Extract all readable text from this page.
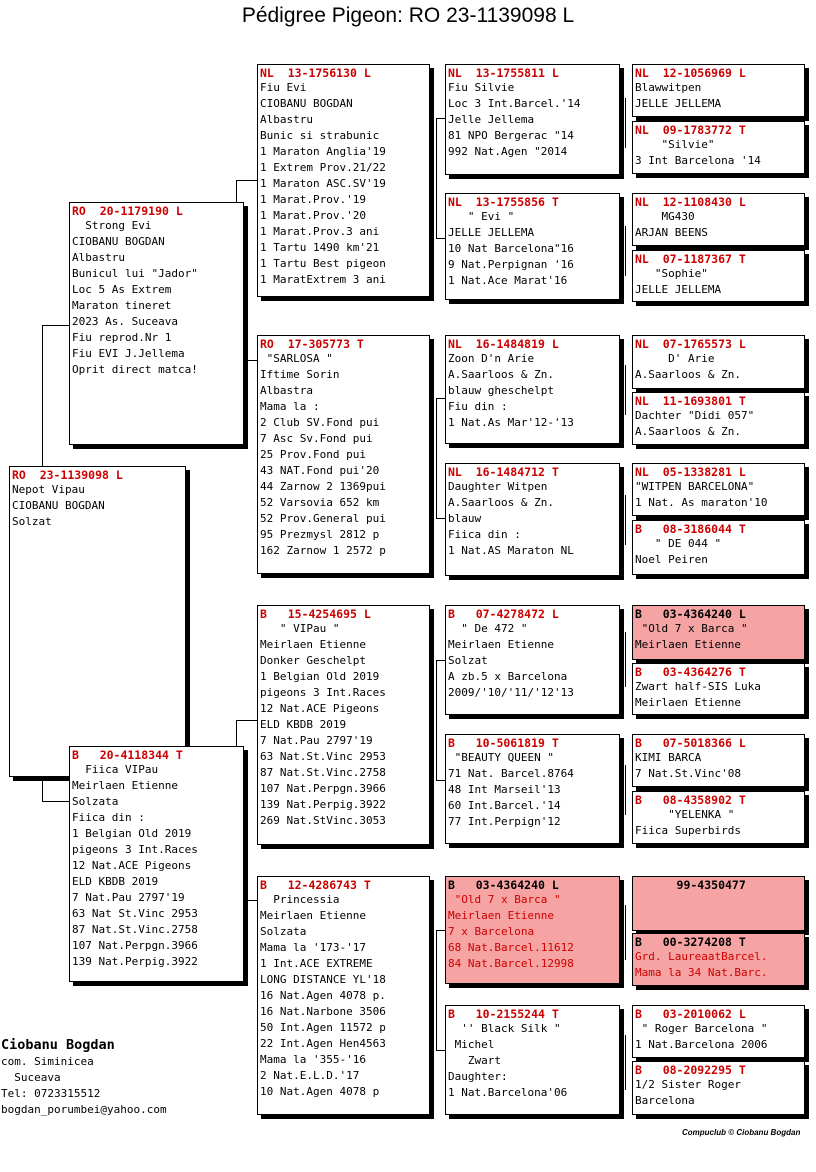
Pédigree Pigeon: RO 23-1139098 L
RO  23-1139098 L
Nepot Vipau
CIOBANU BOGDAN
Solzat
RO  20-1179190 L
Strong Evi
CIOBANU BOGDAN
Albastru
Bunicul lui "Jador"
Loc 5 As Extrem
Maraton tineret
2023 As. Suceava
Fiu reprod.Nr 1
Fiu EVI J.Jellema
Oprit direct matca!
B   20-4118344 T
Fiica VIPau
Meirlaen Etienne
Solzata
Fiica din :
1 Belgian Old 2019
pigeons 3 Int.Races
12 Nat.ACE Pigeons
ELD KBDB 2019
7 Nat.Pau 2797'19
63 Nat St.Vinc 2953
87 Nat.St.Vinc.2758
107 Nat.Perpgn.3966
139 Nat.Perpig.3922
NL  13-1756130 L
Fiu Evi
CIOBANU BOGDAN
Albastru
Bunic si strabunic
1 Maraton Anglia'19
1 Extrem Prov.21/22
1 Maraton ASC.SV'19
1 Marat.Prov.'19
1 Marat.Prov.'20
1 Marat.Prov.3 ani
1 Tartu 1490 km'21
1 Tartu Best pigeon
1 MaratExtrem 3 ani
RO  17-305773 T
"SARLOSA "
Iftime Sorin
Albastra
Mama la :
2 Club SV.Fond pui
7 Asc Sv.Fond pui
25 Prov.Fond pui
43 NAT.Fond pui'20
44 Zarnow 2 1369pui
52 Varsovia 652 km
52 Prov.General pui
95 Prezmysl 2812 p
162 Zarnow 1 2572 p
B   15-4254695 L
" VIPau "
Meirlaen Etienne
Donker Geschelpt
1 Belgian Old 2019
pigeons 3 Int.Races
12 Nat.ACE Pigeons
ELD KBDB 2019
7 Nat.Pau 2797'19
63 Nat.St.Vinc 2953
87 Nat.St.Vinc.2758
107 Nat.Perpgn.3966
139 Nat.Perpig.3922
269 Nat.StVinc.3053
B   12-4286743 T
Princessia
Meirlaen Etienne
Solzata
Mama la '173-'17
1 Int.ACE EXTREME
LONG DISTANCE YL'18
16 Nat.Agen 4078 p.
16 Nat.Narbone 3506
50 Int.Agen 11572 p
22 Int.Agen Hen4563
Mama la '355-'16
2 Nat.E.L.D.'17
10 Nat.Agen 4078 p
NL  13-1755811 L
Fiu Silvie
Loc 3 Int.Barcel.'14
Jelle Jellema
81 NPO Bergerac "14
992 Nat.Agen "2014
NL  13-1755856 T
" Evi "
JELLE JELLEMA
10 Nat Barcelona"16
9 Nat.Perpignan '16
1 Nat.Ace Marat'16
NL  16-1484819 L
Zoon D'n Arie
A.Saarloos & Zn.
blauw gheschelpt
Fiu din :
1 Nat.As Mar'12-'13
NL  16-1484712 T
Daughter Witpen
A.Saarloos & Zn.
blauw
Fiica din :
1 Nat.AS Maraton NL
B   07-4278472 L
" De 472 "
Meirlaen Etienne
Solzat
A zb.5 x Barcelona
2009/'10/'11/'12'13
B   10-5061819 T
"BEAUTY QUEEN "
71 Nat. Barcel.8764
48 Int Marseil'13
60 Int.Barcel.'14
77 Int.Perpign'12
B   03-4364240 L
"Old 7 x Barca "
Meirlaen Etienne
7 x Barcelona
68 Nat.Barcel.11612
84 Nat.Barcel.12998
B   10-2155244 T
'' Black Silk "
Michel
Zwart
Daughter:
1 Nat.Barcelona'06
NL  12-1056969 L
Blawwitpen
JELLE JELLEMA
NL  09-1783772 T
"Silvie"
3 Int Barcelona '14
NL  12-1108430 L
MG430
ARJAN BEENS
NL  07-1187367 T
"Sophie"
JELLE JELLEMA
NL  07-1765573 L
D' Arie
A.Saarloos & Zn.
NL  11-1693801 T
Dachter "Didi 057"
A.Saarloos & Zn.
NL  05-1338281 L
"WITPEN BARCELONA"
1 Nat. As maraton'10
B   08-3186044 T
" DE 044 "
Noel Peiren
B   03-4364240 L
"Old 7 x Barca "
Meirlaen Etienne
B   03-4364276 T
Zwart half-SIS Luka
Meirlaen Etienne
B   07-5018366 L
KIMI BARCA
7 Nat.St.Vinc'08
B   08-4358902 T
"YELENKA "
Fiica Superbirds
99-4350477
B   00-3274208 T
Grd. LaureaatBarcel.
Mama la 34 Nat.Barc.
B   03-2010062 L
" Roger Barcelona "
1 Nat.Barcelona 2006
B   08-2092295 T
1/2 Sister Roger
Barcelona
Ciobanu Bogdan
com. Siminicea
Suceava
Tel: 0723315512
bogdan_porumbei@yahoo.com
Compuclub © Ciobanu Bogdan
